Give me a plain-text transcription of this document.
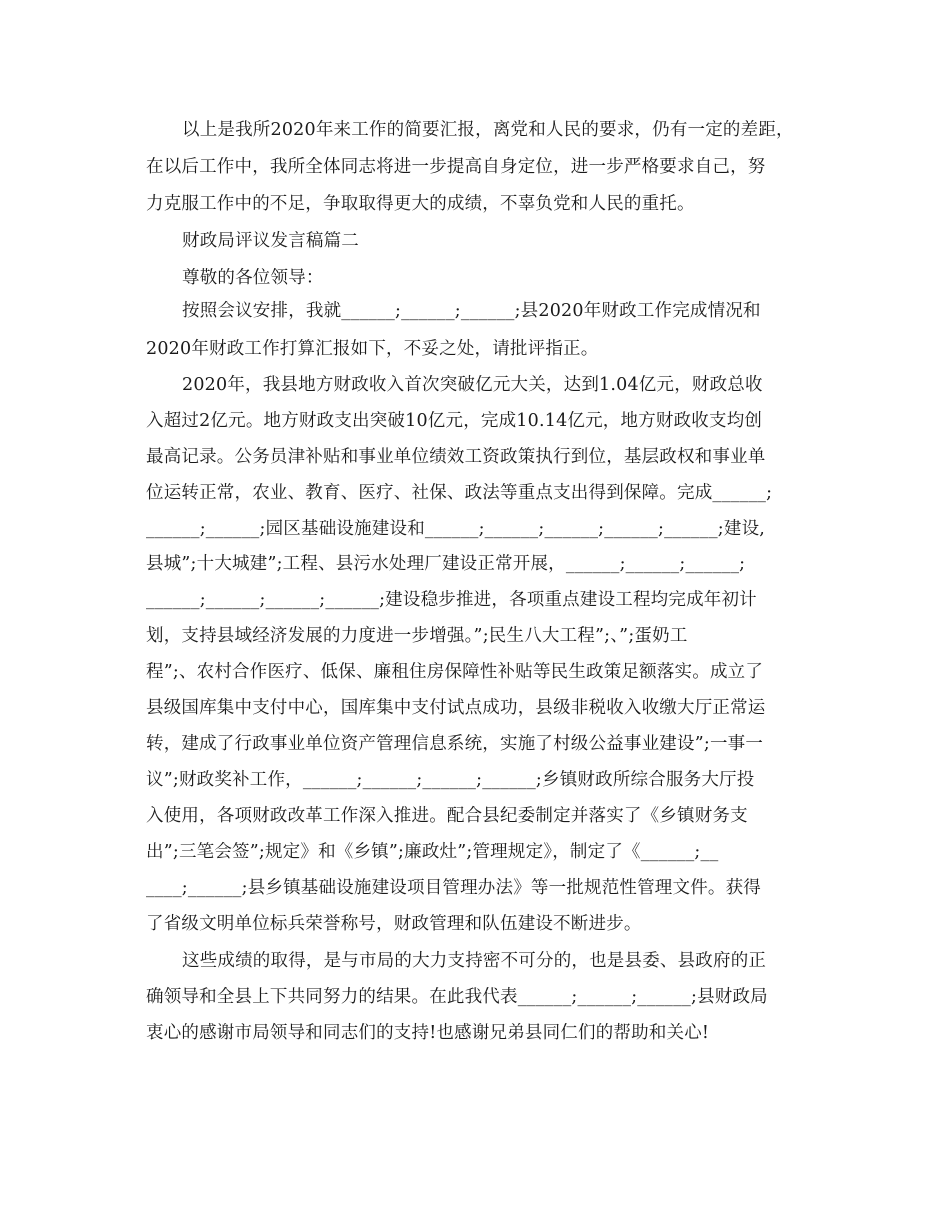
以上是我所2020年来工作的简要汇报，离党和人民的要求，仍有一定的差距，
在以后工作中，我所全体同志将进一步提高自身定位，进一步严格要求自己，努
力克服工作中的不足，争取取得更大的成绩，不辜负党和人民的重托。
财政局评议发言稿篇二
尊敬的各位领导：
按照会议安排，我就______;______;______;县2020年财政工作完成情况和
2020年财政工作打算汇报如下，不妥之处，请批评指正。
2020年，我县地方财政收入首次突破亿元大关，达到1.04亿元，财政总收
入超过2亿元。地方财政支出突破10亿元，完成10.14亿元，地方财政收支均创
最高记录。公务员津补贴和事业单位绩效工资政策执行到位，基层政权和事业单
位运转正常，农业、教育、医疗、社保、政法等重点支出得到保障。完成______;
______;______;园区基础设施建设和______;______;______;______;______;建设,
县城”;十大城建”;工程、县污水处理厂建设正常开展，______;______;______;
______;______;______;______;建设稳步推进，各项重点建设工程均完成年初计
划，支持县域经济发展的力度进一步增强。”;民生八大工程”;、”;蛋奶工
程”;、农村合作医疗、低保、廉租住房保障性补贴等民生政策足额落实。成立了
县级国库集中支付中心，国库集中支付试点成功，县级非税收入收缴大厅正常运
转，建成了行政事业单位资产管理信息系统，实施了村级公益事业建设”;一事一
议”;财政奖补工作，______;______;______;______;乡镇财政所综合服务大厅投
入使用，各项财政改革工作深入推进。配合县纪委制定并落实了《乡镇财务支
出”;三笔会签”;规定》和《乡镇”;廉政灶”;管理规定》，制定了《______;__
____;______;县乡镇基础设施建设项目管理办法》等一批规范性管理文件。获得
了省级文明单位标兵荣誉称号，财政管理和队伍建设不断进步。
这些成绩的取得，是与市局的大力支持密不可分的，也是县委、县政府的正
确领导和全县上下共同努力的结果。在此我代表______;______;______;县财政局
衷心的感谢市局领导和同志们的支持!也感谢兄弟县同仁们的帮助和关心!
